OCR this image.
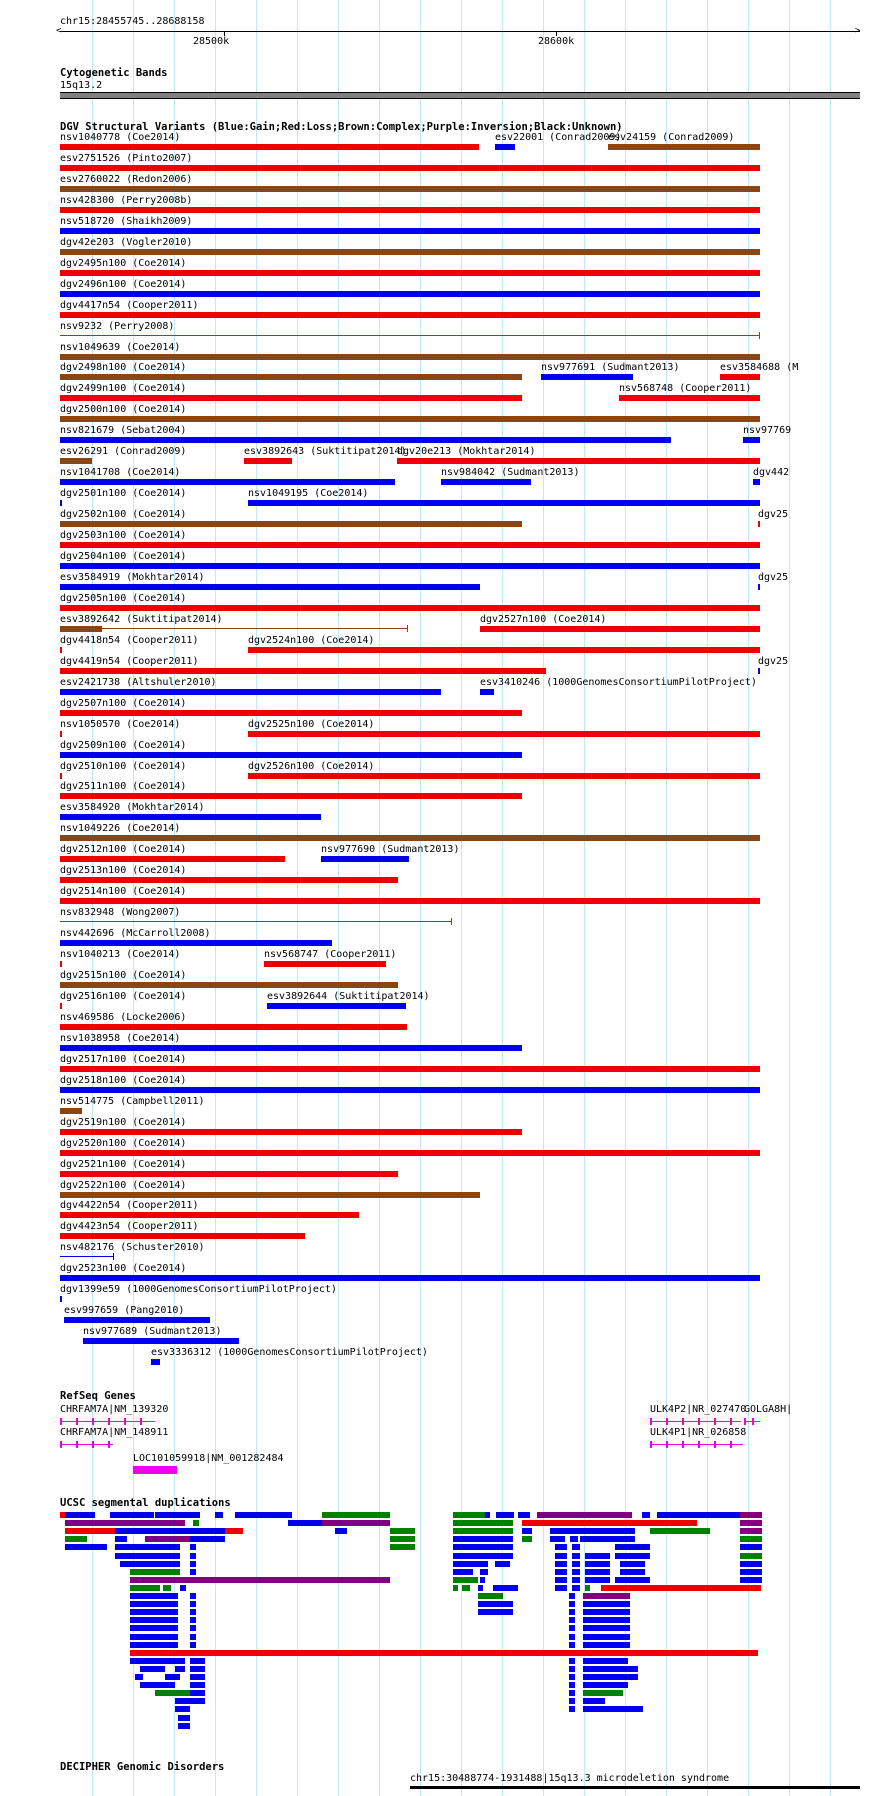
chr15:28455745..28688158
<	>
28500k	28600k
Cytogenetic Bands
15q13.2
DGV Structural Variants (Blue:Gain;Red:Loss;Brown:Complex;Purple:Inversion;Black:Unknown)
nsv1040778 (Coe2014)	esv22001 (Conrad2009)
esv24159 (Conrad2009)
esv2751526 (Pinto2007)
esv2760022 (Redon2006)
nsv428300 (Perry2008b)
nsv518720 (Shaikh2009)
dgv42e203 (Vogler2010)
dgv2495n100 (Coe2014)
dgv2496n100 (Coe2014)
dgv4417n54 (Cooper2011)
nsv9232 (Perry2008)
nsv1049639 (Coe2014)
dgv2498n100 (Coe2014)	nsv977691 (Sudmant2013)	esv3584688 (M
dgv2499n100 (Coe2014)	nsv568748 (Cooper2011)
dgv2500n100 (Coe2014)
nsv821679 (Sebat2004)	nsv97769
esv26291 (Conrad2009)	esv3892643 (Suktitipat2014)
dgv20e213 (Mokhtar2014)
nsv1041708 (Coe2014)	nsv984042 (Sudmant2013)	dgv442
dgv2501n100 (Coe2014)	nsv1049195 (Coe2014)
dgv2502n100 (Coe2014)	dgv25
dgv2503n100 (Coe2014)
dgv2504n100 (Coe2014)
esv3584919 (Mokhtar2014)	dgv25
dgv2505n100 (Coe2014)
esv3892642 (Suktitipat2014)	dgv2527n100 (Coe2014)
dgv4418n54 (Cooper2011)	dgv2524n100 (Coe2014)
dgv4419n54 (Cooper2011)	dgv25
esv2421738 (Altshuler2010)	esv3410246 (1000GenomesConsortiumPilotProject)
dgv2507n100 (Coe2014)
nsv1050570 (Coe2014)	dgv2525n100 (Coe2014)
dgv2509n100 (Coe2014)
dgv2510n100 (Coe2014)	dgv2526n100 (Coe2014)
dgv2511n100 (Coe2014)
esv3584920 (Mokhtar2014)
nsv1049226 (Coe2014)
dgv2512n100 (Coe2014)	nsv977690 (Sudmant2013)
dgv2513n100 (Coe2014)
dgv2514n100 (Coe2014)
nsv832948 (Wong2007)
nsv442696 (McCarroll2008)
nsv1040213 (Coe2014)	nsv568747 (Cooper2011)
dgv2515n100 (Coe2014)
dgv2516n100 (Coe2014)	esv3892644 (Suktitipat2014)
nsv469586 (Locke2006)
nsv1038958 (Coe2014)
dgv2517n100 (Coe2014)
dgv2518n100 (Coe2014)
nsv514775 (Campbell2011)
dgv2519n100 (Coe2014)
dgv2520n100 (Coe2014)
dgv2521n100 (Coe2014)
dgv2522n100 (Coe2014)
dgv4422n54 (Cooper2011)
dgv4423n54 (Cooper2011)
nsv482176 (Schuster2010)
dgv2523n100 (Coe2014)
dgv1399e59 (1000GenomesConsortiumPilotProject)
esv997659 (Pang2010)
nsv977689 (Sudmant2013)
esv3336312 (1000GenomesConsortiumPilotProject)
RefSeq Genes
CHRFAM7A|NM_139320
CHRFAM7A|NM_148911
ULK4P2|NR_027470
GOLGA8H|
ULK4P1|NR_026858
LOC101059918|NM_001282484
UCSC segmental duplications
DECIPHER Genomic Disorders
chr15:30488774-1931488|15q13.3 microdeletion syndrome
